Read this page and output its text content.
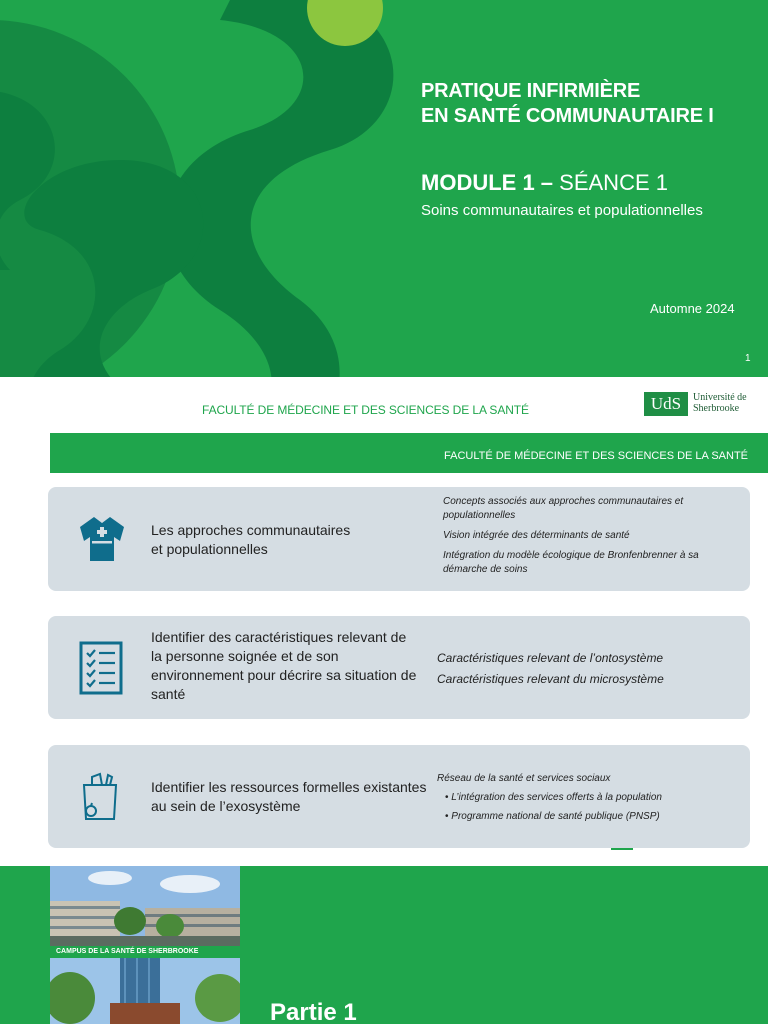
PRATIQUE INFIRMIÈRE
EN SANTÉ COMMUNAUTAIRE I
MODULE 1 – SÉANCE 1
Soins communautaires et populationnelles
Automne 2024
1
FACULTÉ DE MÉDECINE ET DES SCIENCES DE LA SANTÉ	UdS	Université de
Sherbrooke
FACULTÉ DE MÉDECINE ET DES SCIENCES DE LA SANTÉ
Les approches communautaires
et populationnelles

Concepts associés aux approches communautaires et populationnelles

Vision intégrée des déterminants de santé

Intégration du modèle écologique de Bronfenbrenner à sa démarche de soins

Identifier des caractéristiques relevant de
la personne soignée et de son
environnement pour décrire sa situation de
santé

Caractéristiques relevant de l’ontosystème

Caractéristiques relevant du microsystème

Identifier les ressources formelles existantes
au sein de l’exosystème

Réseau de la santé et services sociaux

• L’intégration des services offerts à la population
• Programme national de santé publique (PNSP)
CAMPUS DE LA SANTÉ DE SHERBROOKE
Partie 1
